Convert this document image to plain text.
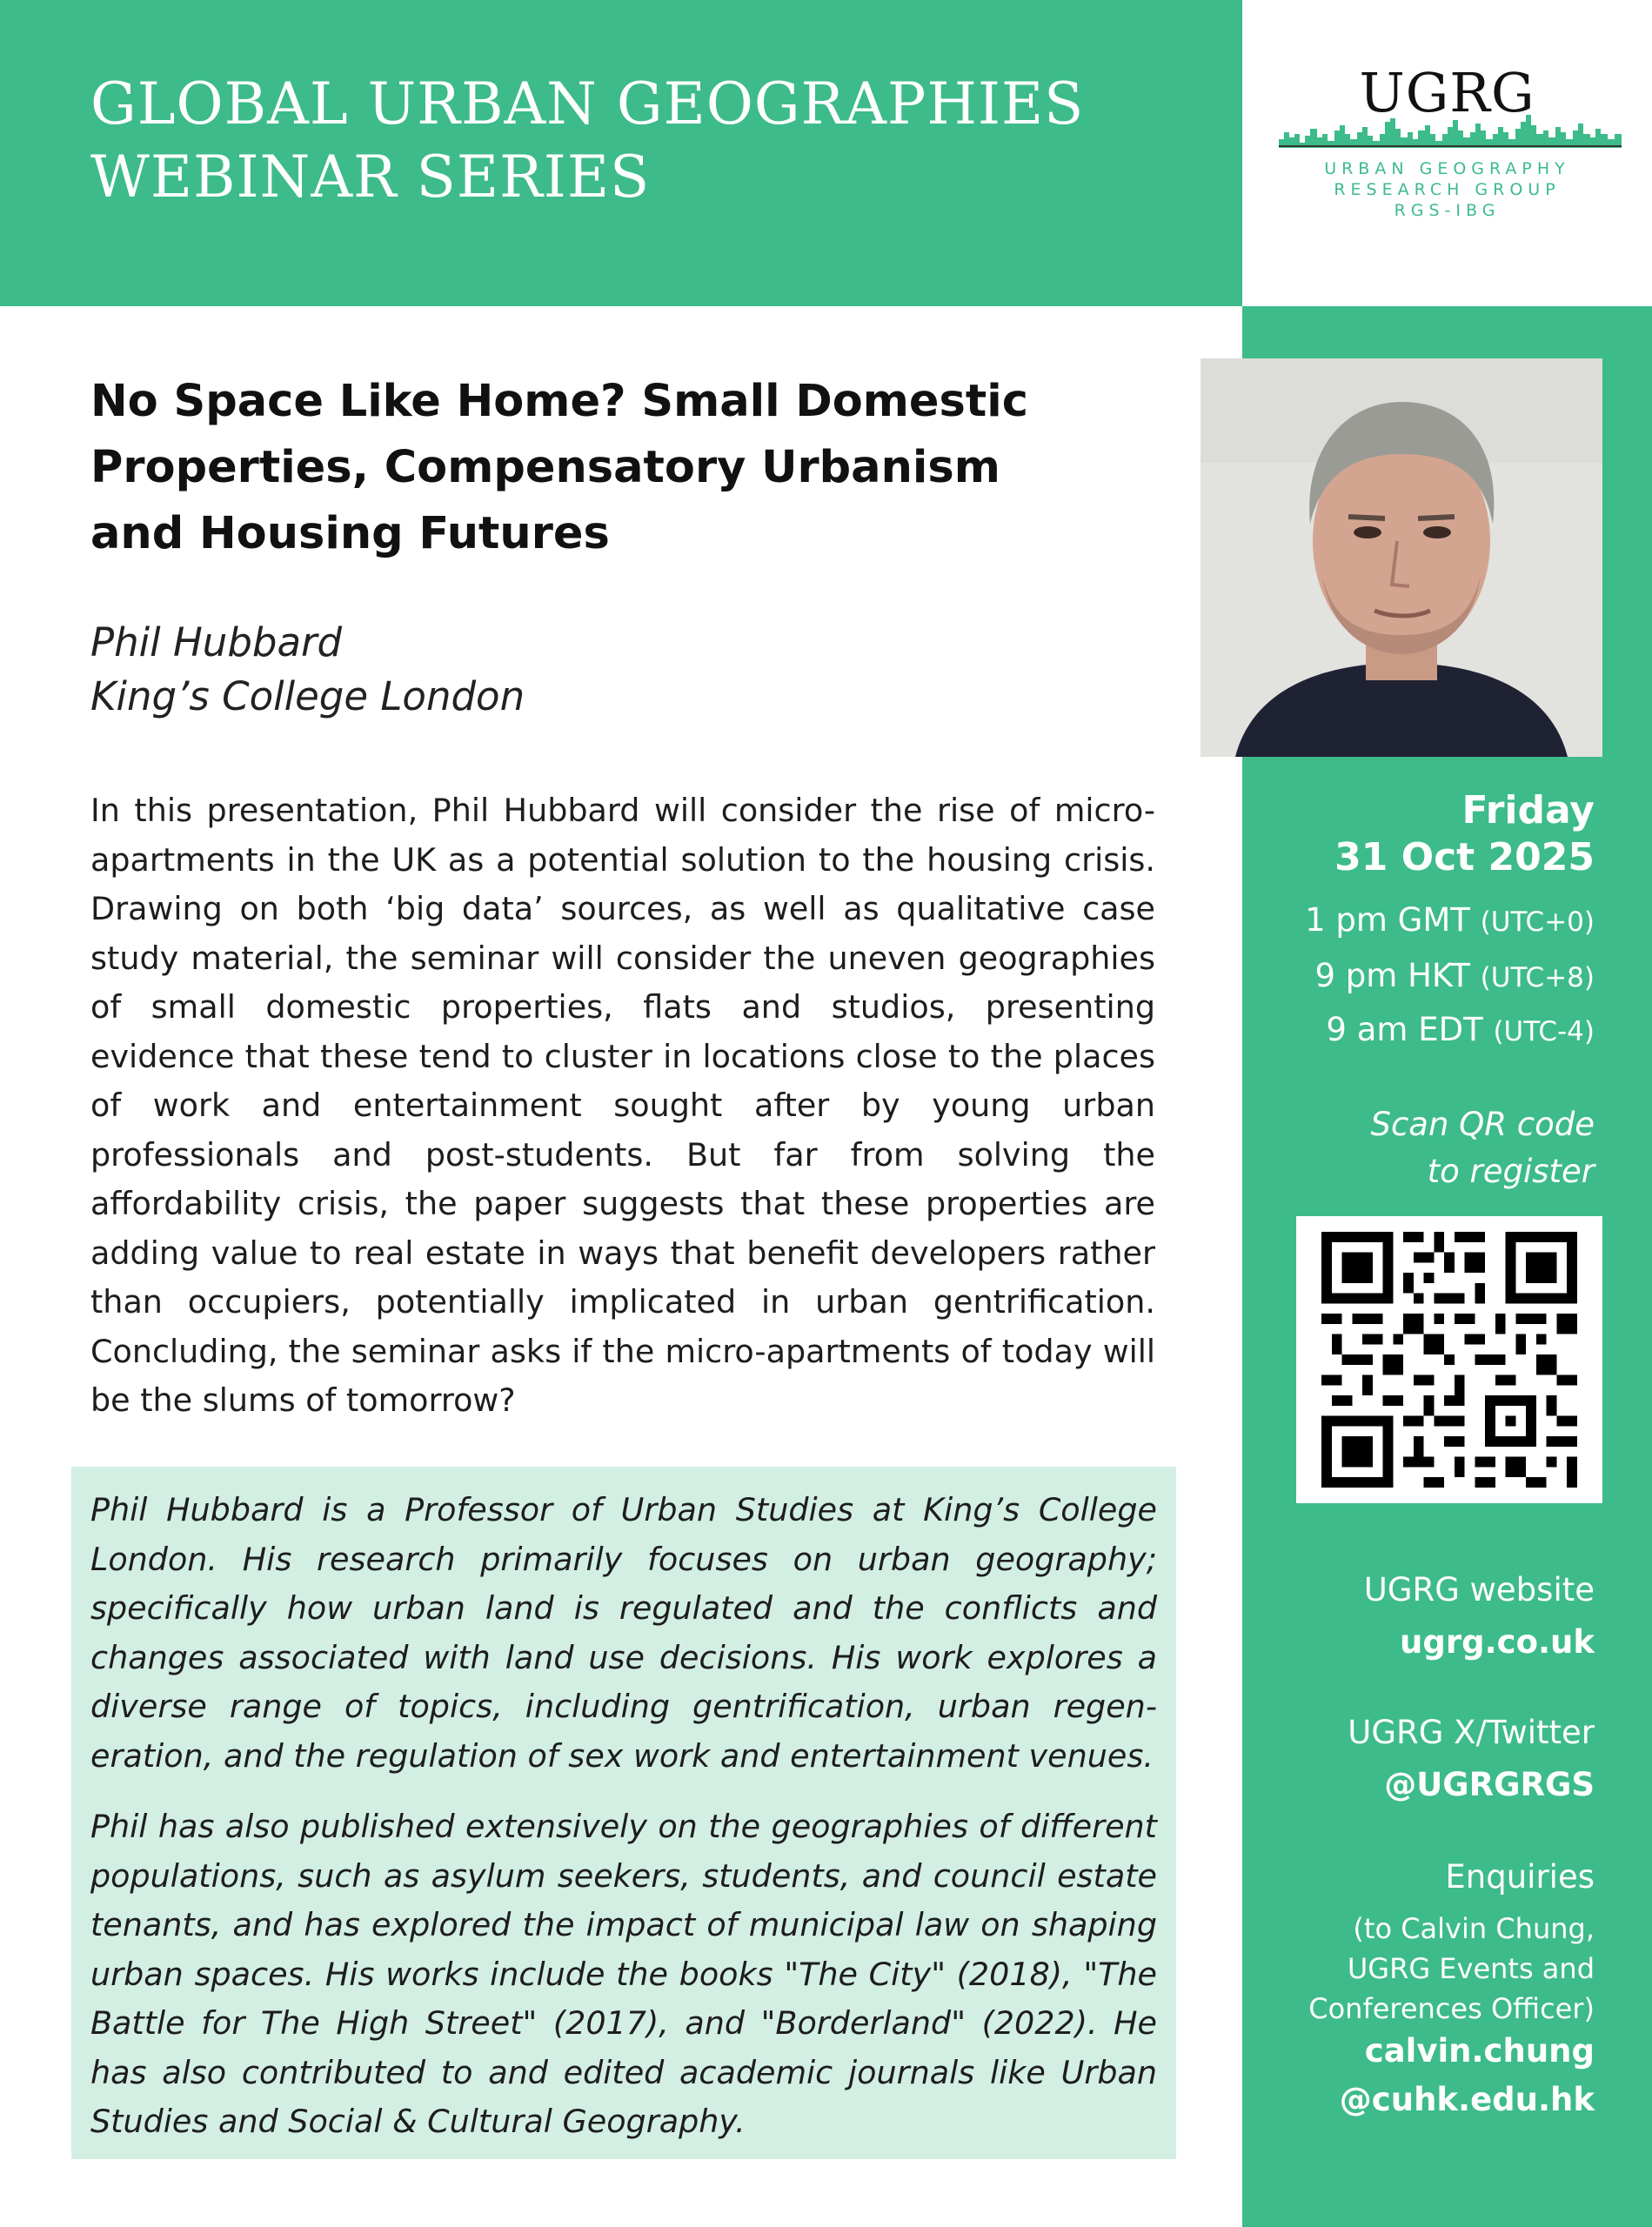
GLOBAL URBAN GEOGRAPHIES
WEBINAR SERIES
UGRG
URBAN GEOGRAPHY
RESEARCH GROUP
RGS-IBG
Friday
31 Oct 2025
1 pm GMT (UTC+0)
9 pm HKT (UTC+8)
9 am EDT (UTC-4)
Scan QR code
to register
UGRG website
ugrg.co.uk
UGRG X/Twitter
@UGRGRGS
Enquiries
(to Calvin Chung,
UGRG Events and
Conferences Officer)
calvin.chung
@cuhk.edu.hk
No Space Like Home? Small Domestic
Properties, Compensatory Urbanism
and Housing Futures
Phil Hubbard
King’s College London

In this presentation, Phil Hubbard will consider the rise of micro-apartments in the UK as a potential solution to the housing crisis. Drawing on both ‘big data’ sources, as well as qualitative case study material, the seminar will consider the uneven geographies of small domestic properties, flats and studios, presenting evidence that these tend to cluster in locations close to the places of work and entertainment sought after by young urban professionals and post-students. But far from solving the affordability crisis, the paper suggests that these properties are adding value to real estate in ways that benefit developers rather than occupiers, potentially implicated in urban gentrification. Concluding, the seminar asks if the micro-apartments of today will be the slums of tomorrow?

Phil Hubbard is a Professor of Urban Studies at King’s College London. His research primarily focuses on urban geography; specifically how urban land is regulated and the conflicts and changes associated with land use decisions. His work explores a diverse range of topics, including gentrification, urban regen-eration, and the regulation of sex work and entertainment venues.

Phil has also published extensively on the geographies of different populations, such as asylum seekers, students, and council estate tenants, and has explored the impact of municipal law on shaping urban spaces. His works include the books "The City" (2018), "The Battle for The High Street" (2017), and "Borderland" (2022). He has also contributed to and edited academic journals like Urban Studies and Social & Cultural Geography.
